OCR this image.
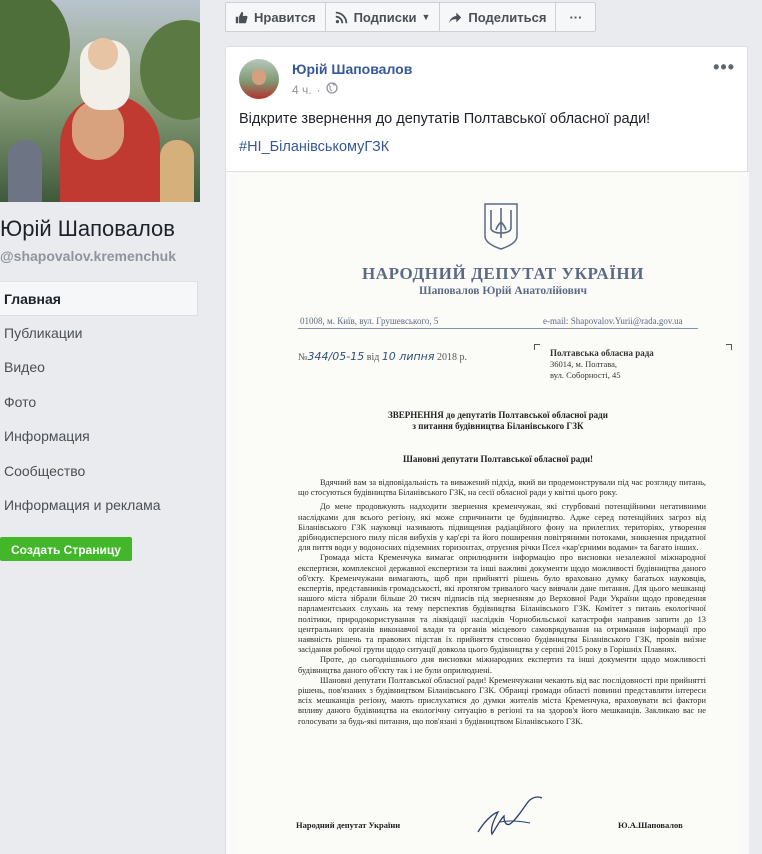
Юрій Шаповалов
@shapovalov.kremenchuk
Главная
Публикации
Видео
Фото
Информация
Сообщество
Информация и реклама
Создать Страницу
Нравится	Подписки ▼	Поделиться ···
Юрій Шаповалов
4 ч. ·
•••
Відкрите звернення до депутатів Полтавської обласної ради!
#НІ_БіланівськомуГЗК
НАРОДНИЙ ДЕПУТАТ УКРАЇНИ
Шаповалов Юрій Анатолійович
01008, м. Київ, вул. Грушевського, 5	e-mail: Shapovalov.Yurii@rada.gov.ua
№344/05-15 від 10 липня 2018 р.	Полтавська обласна рада
36014, м. Полтава,
вул. Соборності, 45
ЗВЕРНЕННЯ до депутатів Полтавської обласної ради
з питання будівництва Біланівського ГЗК
Шановні депутати Полтавської обласної ради!

Вдячний вам за відповідальність та виважений підхід, який ви продемонстрували під час розгляду питань, що стосуються будівництва Біланівського ГЗК, на сесії обласної ради у квітні цього року.

До мене продовжують надходити звернення кременчужан, які стурбовані потенційними негативними наслідками для всього регіону, які може спричинити це будівництво. Адже серед потенційних загроз від Біланівського ГЗК науковці називають підвищення радіаційного фону на прилеглих територіях, утворення дрібнодисперсного пилу після вибухів у кар'єрі та його поширення повітряними потоками, зникнення придатної для пиття води у водоносних підземних горизонтах, отруєння річки Псел «кар'єрними водами» та багато інших.

Громада міста Кременчука вимагає оприлюднити інформацію про висновки незалежної міжнародної експертизи, комплексної державної експертизи та інші важливі документи щодо можливості будівництва даного об'єкту. Кременчужани вимагають, щоб при прийнятті рішень було враховано думку багатьох науковців, експертів, представників громадськості, які протягом тривалого часу вивчали дане питання. Для цього мешканці нашого міста зібрали більше 20 тисяч підписів під зверненням до Верховної Ради України щодо проведення парламентських слухань на тему перспектив будівництва Біланівського ГЗК. Комітет з питань екологічної політики, природокористування та ліквідації наслідків Чорнобильської катастрофи направив запити до 13 центральних органів виконавчої влади та органів місцевого самоврядування на отримання інформації про наявність рішень та правових підстав їх прийняття стосовно будівництва Біланівського ГЗК, провів виїзне засідання робочої групи щодо ситуації довкола цього будівництва у серпні 2015 року в Горішніх Плавнях.

Проте, до сьогоднішнього дня висновки міжнародних експертиз та інші документи щодо можливості будівництва даного об'єкту так і не були оприлюднені.

Шановні депутати Полтавської обласної ради! Кременчужани чекають від вас послідовності при прийнятті рішень, пов'язаних з будівництвом Біланівського ГЗК. Обранці громади області повинні представляти інтереси всіх мешканців регіону, мають прислухатися до думки жителів міста Кременчука, враховувати всі фактори впливу даного будівництва на екологічну ситуацію в регіоні та на здоров'я його мешканців. Закликаю вас не голосувати за будь-які питання, що пов'язані з будівництвом Біланівського ГЗК.

Народний депутат України	Ю.А.Шаповалов
